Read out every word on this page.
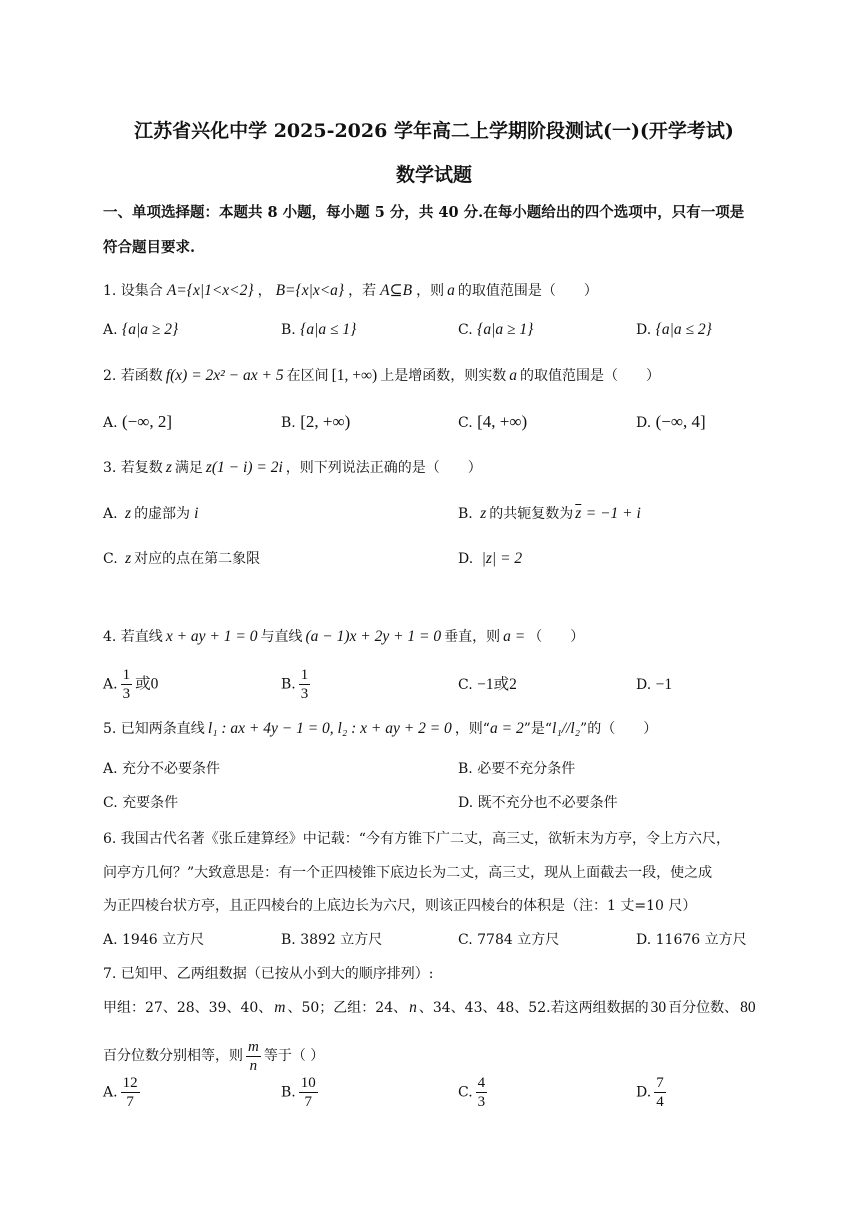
江苏省兴化中学 2025-2026 学年高二上学期阶段测试(一)(开学考试)
数学试题
一、单项选择题：本题共 8 小题，每小题 5 分，共 40 分.在每小题给出的四个选项中，只有一项是
符合题目要求.
1. 设集合 A={x|1<x<2} ， B={x|x<a} ，若 A⊆B ，则 a 的取值范围是（　　）
A. {a|a ≥ 2}	B. {a|a ≤ 1}	C. {a|a ≥ 1}	D. {a|a ≤ 2}
2. 若函数 f(x) = 2x² − ax + 5 在区间 [1, +∞) 上是增函数，则实数 a 的取值范围是（　　）
A. (−∞, 2]	B. [2, +∞)	C. [4, +∞)	D. (−∞, 4]
3. 若复数 z 满足 z(1 − i) = 2i ，则下列说法正确的是（　　）
A. z 的虚部为 i	B. z 的共轭复数为 $\overline{z} = -1 + i$
C. z 对应的点在第二象限	D. |z| = 2
4. 若直线 x + ay + 1 = 0 与直线 (a − 1)x + 2y + 1 = 0 垂直，则 a = （　　）
A. $\frac{1}{3}$ 或0	B. $\frac{1}{3}$	C. −1或2	D. −1
5. 已知两条直线 l₁ : ax + 4y − 1 = 0, l₂ : x + ay + 2 = 0 ，则“a = 2”是“l₁//l₂”的（　　）
A. 充分不必要条件	B. 必要不充分条件
C. 充要条件	D. 既不充分也不必要条件
6. 我国古代名著《张丘建算经》中记载：“今有方锥下广二丈，高三丈，欲斩末为方亭，令上方六尺，
问亭方几何？”大致意思是：有一个正四棱锥下底边长为二丈，高三丈，现从上面截去一段，使之成
为正四棱台状方亭，且正四棱台的上底边长为六尺，则该正四棱台的体积是（注：1 丈=10 尺）
A. 1946 立方尺	B. 3892 立方尺	C. 7784 立方尺	D. 11676 立方尺
7. 已知甲、乙两组数据（已按从小到大的顺序排列）:
甲组：27、28、39、40、 m 、50；乙组：24、 n 、34、43、48、52.若这两组数据的 30 百分位数、 80
百分位数分别相等，则 $\frac{m}{n}$ 等于（ ）
A. $\frac{12}{7}$	B. $\frac{10}{7}$	C. $\frac{4}{3}$	D. $\frac{7}{4}$
